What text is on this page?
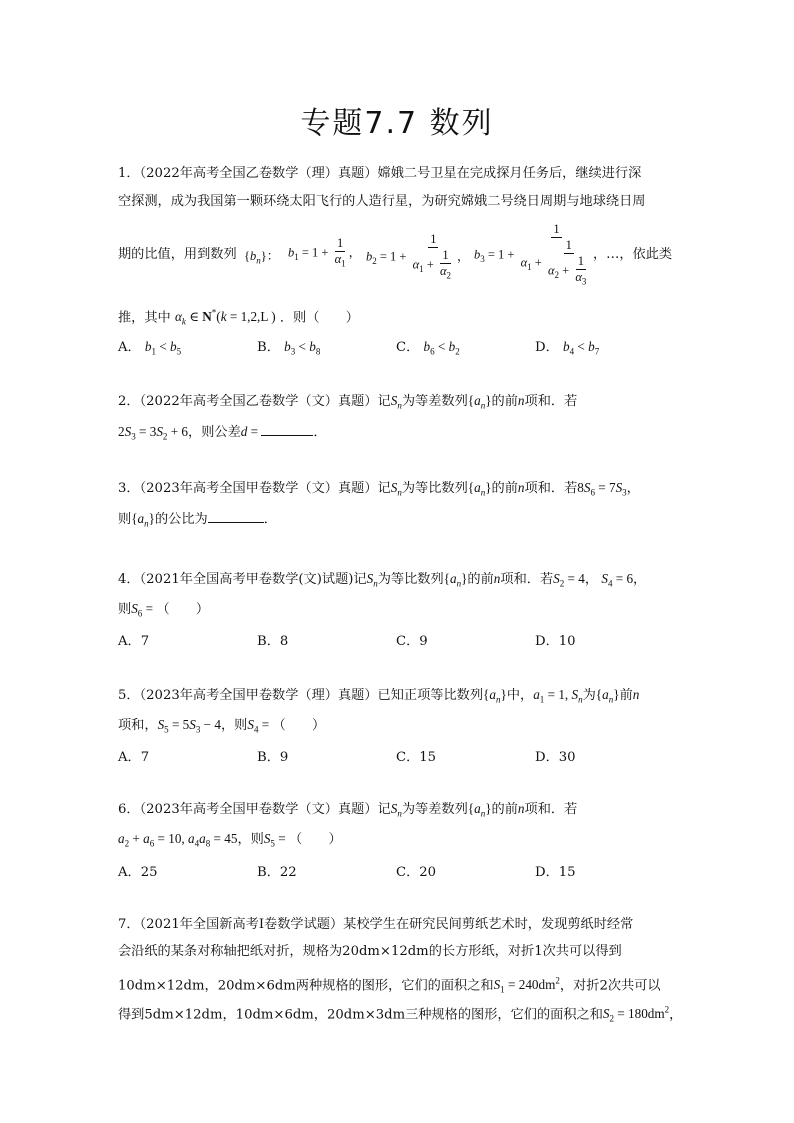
专题7.7 数列
1．（2022年高考全国乙卷数学（理）真题）嫦娥二号卫星在完成探月任务后，继续进行深
空探测，成为我国第一颗环绕太阳飞行的人造行星，为研究嫦娥二号绕日周期与地球绕日周
期的比值，用到数列 $\{b_n\}$： $b_1 = 1 + \frac{1}{\alpha_1}$ ， $b_2 = 1 + \frac{1}{\alpha_1 + \frac{1}{\alpha_2}}$ ， $b_3 = 1 + \frac{1}{\alpha_1 + \frac{1}{\alpha_2 + \frac{1}{\alpha_3}}}$
，…，依此类
推，其中 $\alpha_k$ ∈ N*(k = 1,2,L ) ．则（　　）
A． $b_1 < b_5$	B． $b_3 < b_8$	C． $b_6 < b_2$	D． $b_4 < b_7$
2．（2022年高考全国乙卷数学（文）真题）记$S_n$为等差数列$\{a_n\}$的前n项和．若
$2S_3 = 3S_2 + 6$，则公差d =	．
3．（2023年高考全国甲卷数学（文）真题）记$S_n$为等比数列$\{a_n\}$的前n项和．若$8S_6 = 7S_3$，
则$\{a_n\}$的公比为	．
4．（2021年全国高考甲卷数学(文)试题)记$S_n$为等比数列$\{a_n\}$的前n项和．若$S_2 = 4$， $S_4 = 6$，
则$S_6$ = （　　）
A．7	B．8	C．9	D．10
5．（2023年高考全国甲卷数学（理）真题）已知正项等比数列$\{a_n\}$中，$a_1 = 1$, $S_n$为$\{a_n\}$前n
项和，$S_5 = 5S_3 - 4$，则$S_4$ = （　　）
A．7	B．9	C．15	D．30
6．（2023年高考全国甲卷数学（文）真题）记$S_n$为等差数列$\{a_n\}$的前n项和．若
$a_2 + a_6 = 10$, $a_4a_8 = 45$，则$S_5$ = （　　）
A．25	B．22	C．20	D．15
7．（2021年全国新高考Ⅰ卷数学试题）某校学生在研究民间剪纸艺术时，发现剪纸时经常
会沿纸的某条对称轴把纸对折，规格为20dm×12dm的长方形纸，对折1次共可以得到
10dm×12dm，20dm×6dm两种规格的图形，它们的面积之和$S_1 = 240dm^2$，对折2次共可以
得到5dm×12dm，10dm×6dm，20dm×3dm三种规格的图形，它们的面积之和$S_2 = 180dm^2$，
